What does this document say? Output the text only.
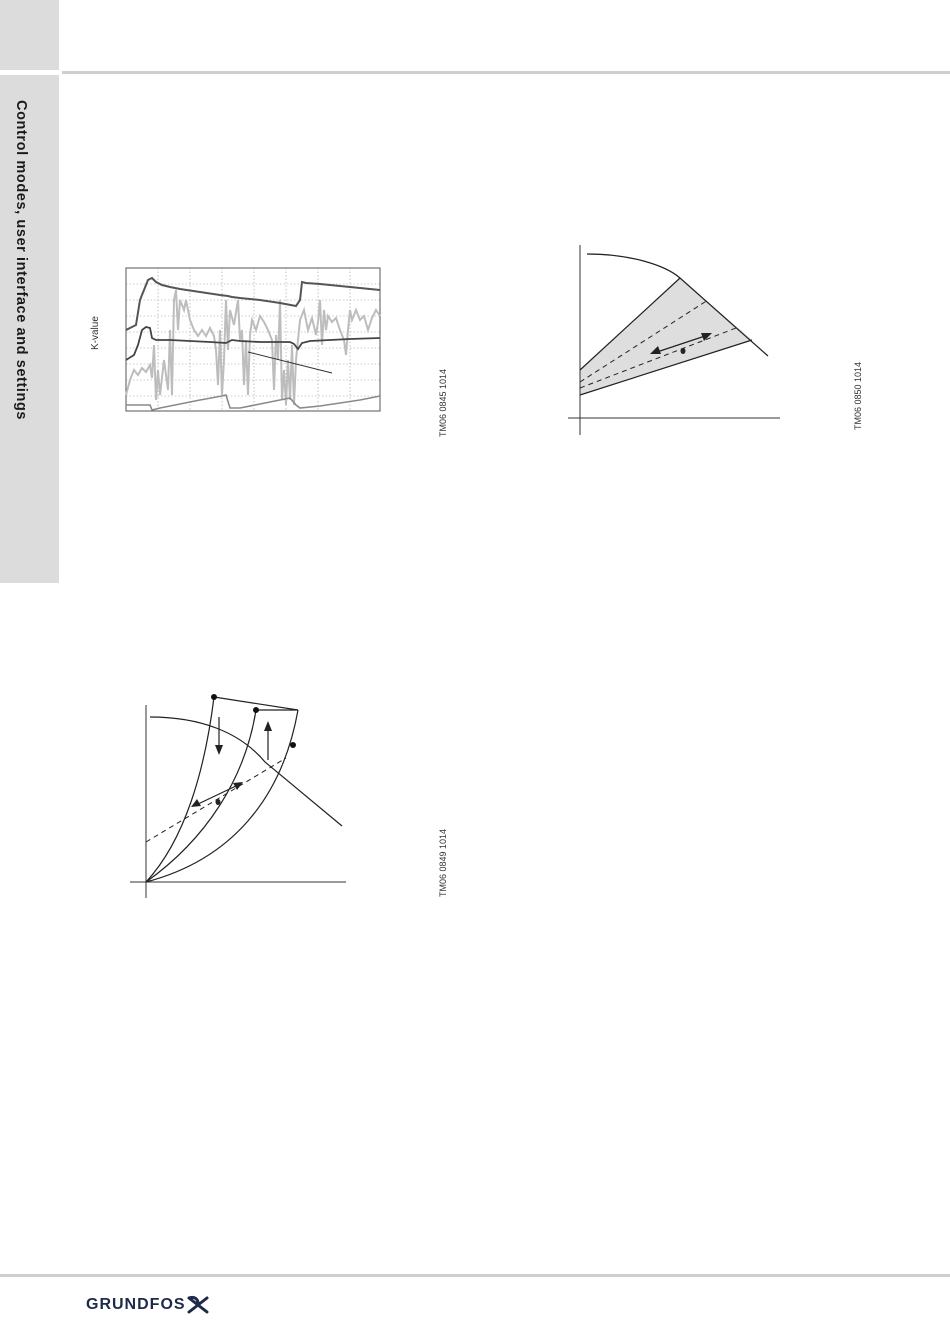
Control modes, user interface and settings	K-value
TM06 0845 1014	TM06 0850 1014
TM06 0849 1014
GRUNDFOS
